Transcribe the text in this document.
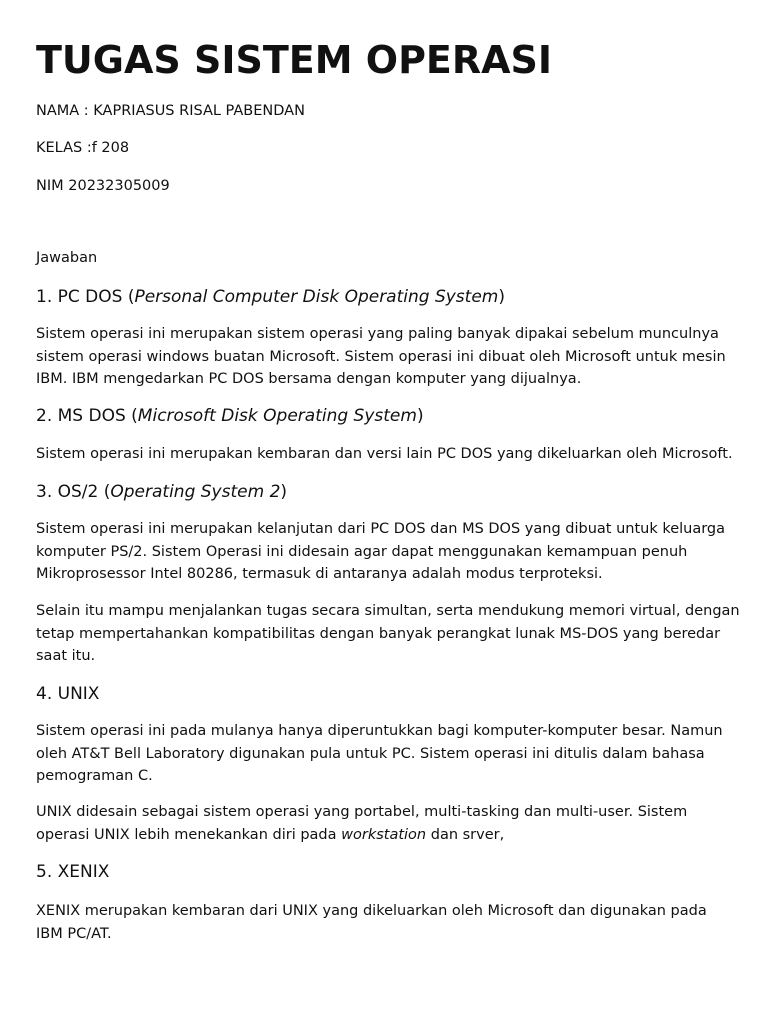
TUGAS SISTEM OPERASI

NAMA : KAPRIASUS RISAL PABENDAN

KELAS :f 208

NIM 20232305009

Jawaban

1. PC DOS (Personal Computer Disk Operating System)

Sistem operasi ini merupakan sistem operasi yang paling banyak dipakai sebelum munculnya
sistem operasi windows buatan Microsoft. Sistem operasi ini dibuat oleh Microsoft untuk mesin
IBM. IBM mengedarkan PC DOS bersama dengan komputer yang dijualnya.

2. MS DOS (Microsoft Disk Operating System)

Sistem operasi ini merupakan kembaran dan versi lain PC DOS yang dikeluarkan oleh Microsoft.

3. OS/2 (Operating System 2)

Sistem operasi ini merupakan kelanjutan dari PC DOS dan MS DOS yang dibuat untuk keluarga
komputer PS/2. Sistem Operasi ini didesain agar dapat menggunakan kemampuan penuh
Mikroprosessor Intel 80286, termasuk di antaranya adalah modus terproteksi.

Selain itu mampu menjalankan tugas secara simultan, serta mendukung memori virtual, dengan
tetap mempertahankan kompatibilitas dengan banyak perangkat lunak MS-DOS yang beredar
saat itu.

4. UNIX

Sistem operasi ini pada mulanya hanya diperuntukkan bagi komputer-komputer besar. Namun
oleh AT&T Bell Laboratory digunakan pula untuk PC. Sistem operasi ini ditulis dalam bahasa
pemograman C.

UNIX didesain sebagai sistem operasi yang portabel, multi-tasking dan multi-user. Sistem
operasi UNIX lebih menekankan diri pada workstation dan srver,

5. XENIX

XENIX merupakan kembaran dari UNIX yang dikeluarkan oleh Microsoft dan digunakan pada
IBM PC/AT.
